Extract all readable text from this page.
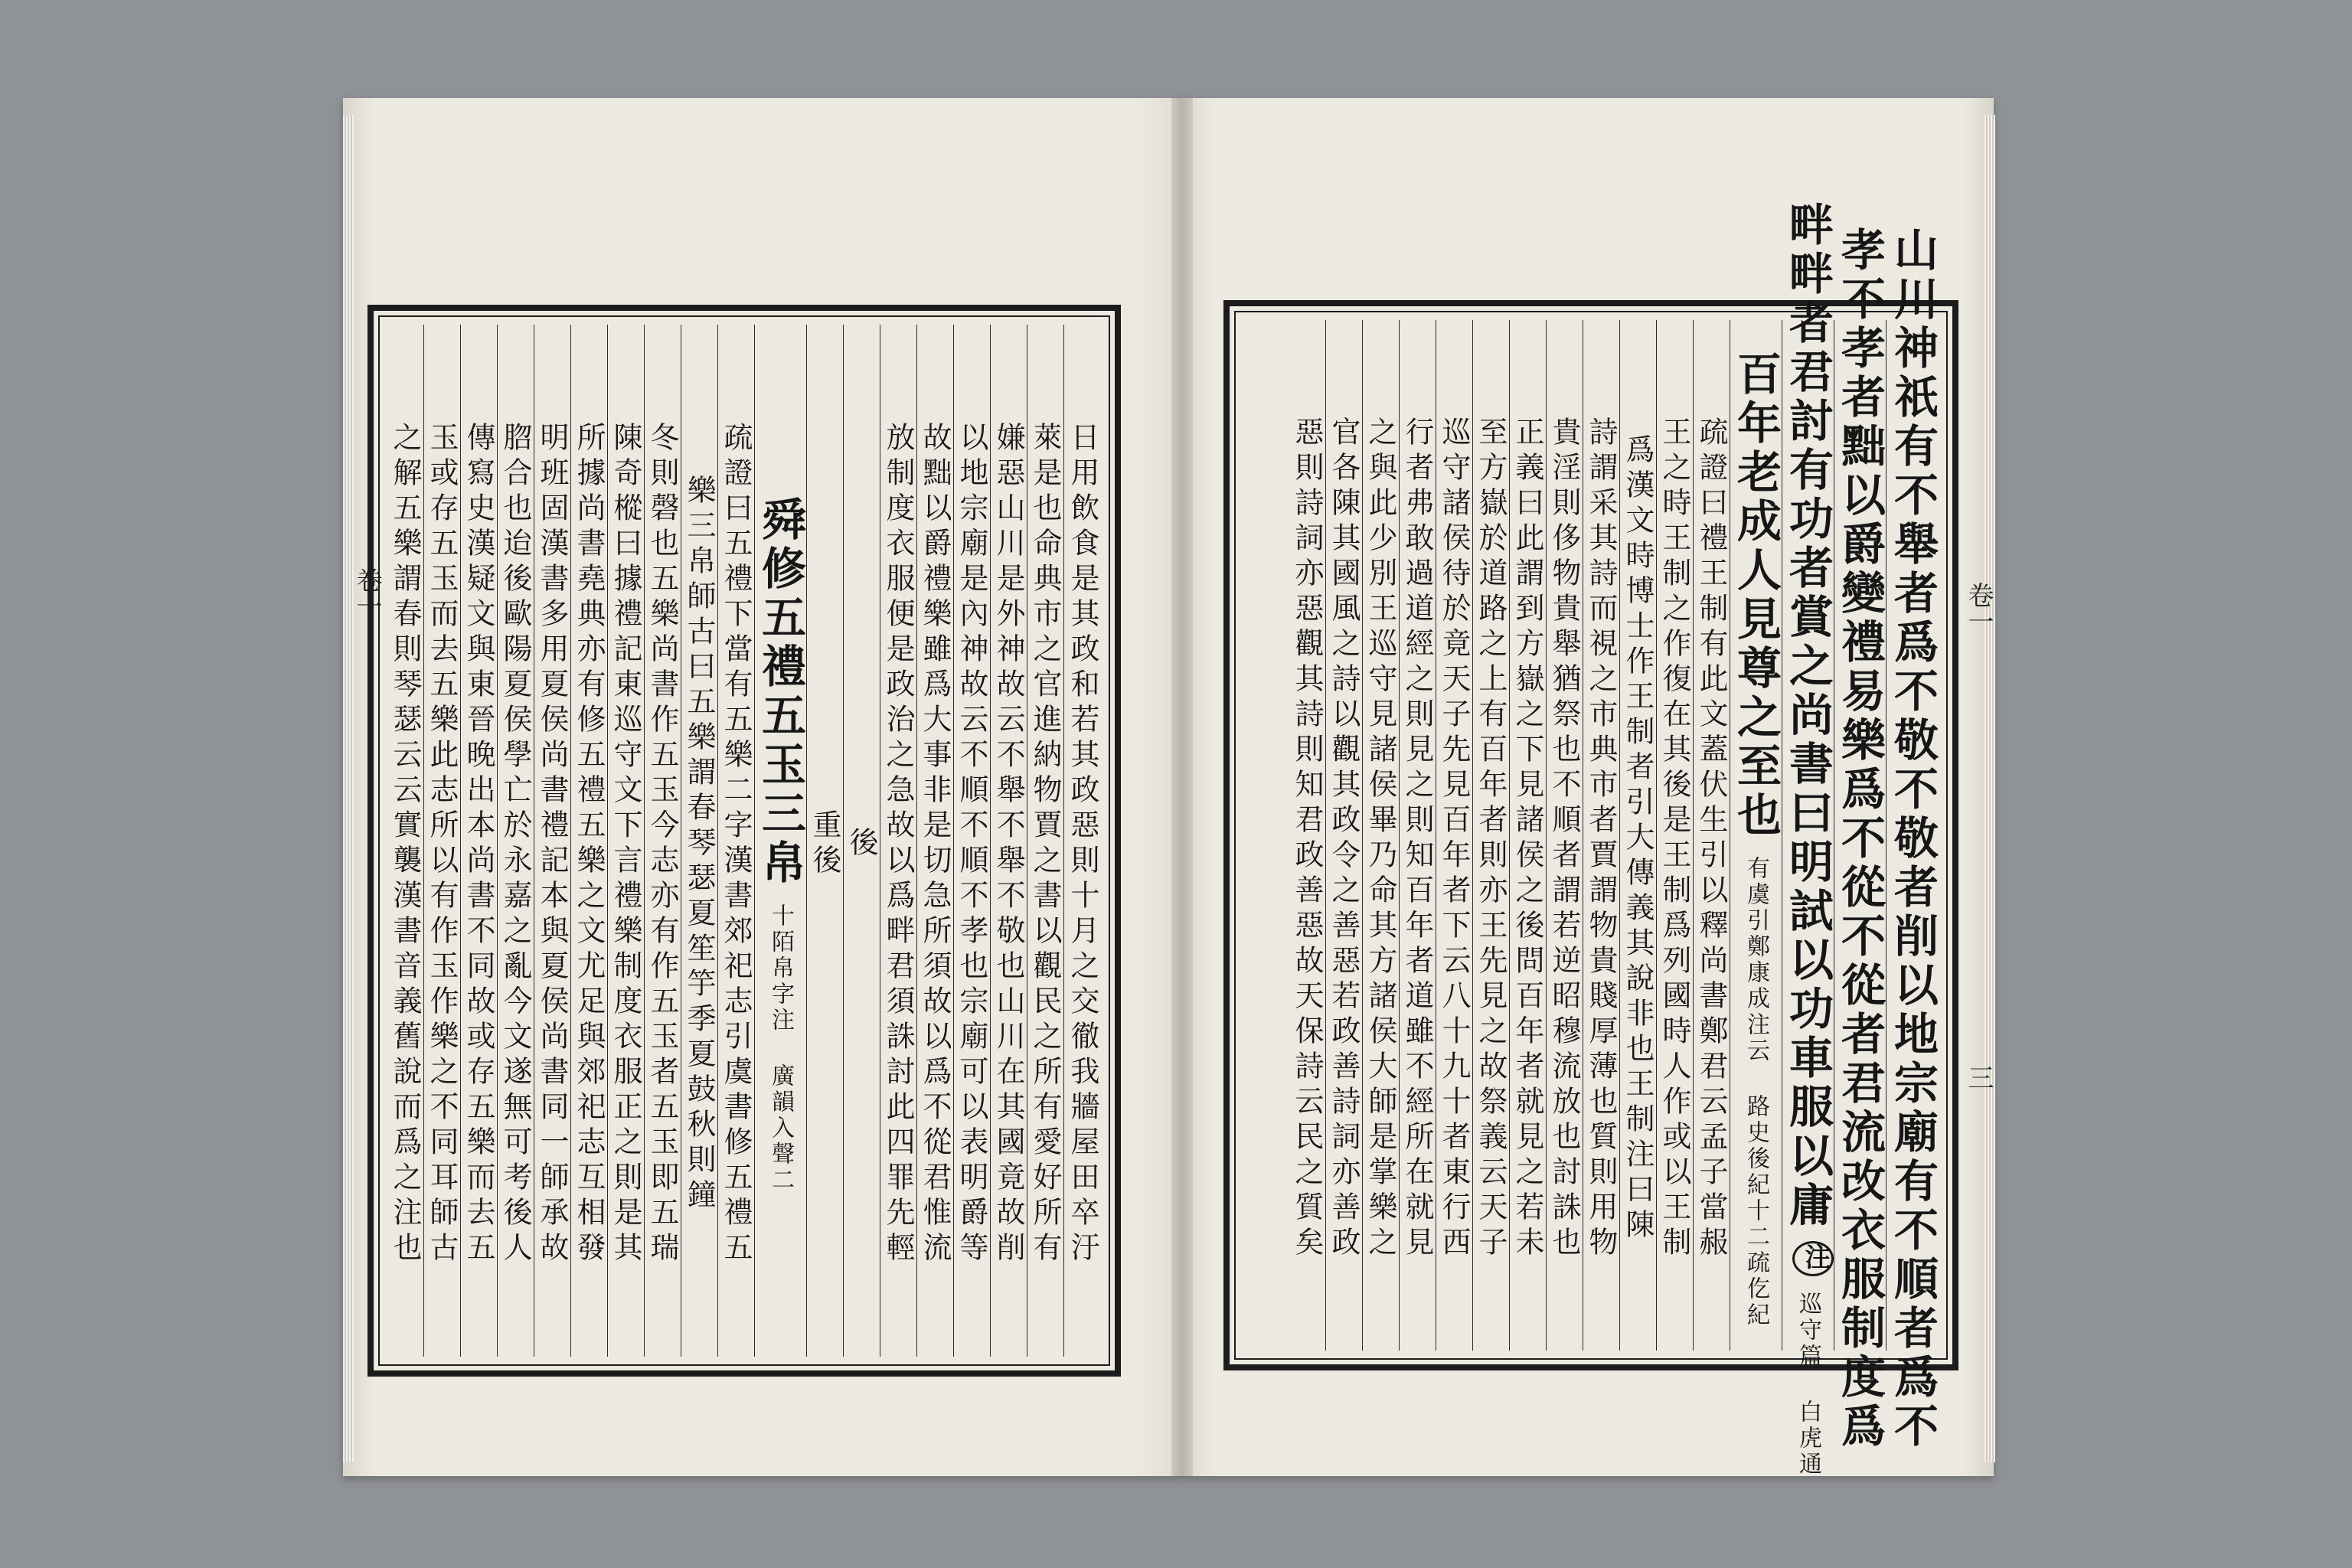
卷一	卷一
三
日用飲食是其政和若其政惡則十月之交徹我牆屋田卒汙
萊是也命典市之官進納物賈之書以觀民之所有愛好所有
嫌惡山川是外神故云不舉不舉不敬也山川在其國竟故削
以地宗廟是內神故云不順不順不孝也宗廟可以表明爵等
故黜以爵禮樂雖爲大事非是切急所須故以爲不從君惟流
放制度衣服便是政治之急故以爲畔君須誅討此四罪先輕
後
重後
舜修五禮五玉三帛
十陌帛字注 廣韻入聲二
疏證曰五禮下當有五樂二字漢書郊祀志引虞書修五禮五
樂三帛師古曰五樂謂春琴瑟夏笙竽季夏鼓秋則鐘
冬則磬也五樂尚書作五玉今志亦有作五玉者五玉即五瑞
陳奇樅曰據禮記東巡守文下言禮樂制度衣服正之則是其
所據尚書堯典亦有修五禮五樂之文尤足與郊祀志互相發
明班固漢書多用夏侯尚書禮記本與夏侯尚書同一師承故
脗合也迨後歐陽夏侯學亡於永嘉之亂今文遂無可考後人
傳寫史漢疑文與東晉晚出本尚書不同故或存五樂而去五
玉或存五玉而去五樂此志所以有作玉作樂之不同耳師古
之解五樂謂春則琴瑟云云實襲漢書音義舊說而爲之注也	山川神祇有不舉者爲不敬不敬者削以地宗廟有不順者爲不
孝不孝者黜以爵變禮易樂爲不從不從者君流改衣服制度爲
畔畔者君討有功者賞之尚書曰明試以功車服以庸
注
巡守篇 白虎通
百年老成人見尊之至也
有虞引鄭康成注云 路史後紀十二疏仡紀
疏證曰禮王制有此文蓋伏生引以釋尚書鄭君云孟子當赧
王之時王制之作復在其後是王制爲列國時人作或以王制
爲漢文時博士作王制者引大傳義其說非也王制注曰陳
詩謂采其詩而視之市典市者賈謂物貴賤厚薄也質則用物
貴淫則侈物貴舉猶祭也不順者謂若逆昭穆流放也討誅也
正義曰此謂到方嶽之下見諸侯之後問百年者就見之若未
至方嶽於道路之上有百年者則亦王先見之故祭義云天子
巡守諸侯待於竟天子先見百年者下云八十九十者東行西
行者弗敢過道經之則見之則知百年者道雖不經所在就見
之與此少別王巡守見諸侯畢乃命其方諸侯大師是掌樂之
官各陳其國風之詩以觀其政令之善惡若政善詩詞亦善政
惡則詩詞亦惡觀其詩則知君政善惡故天保詩云民之質矣
